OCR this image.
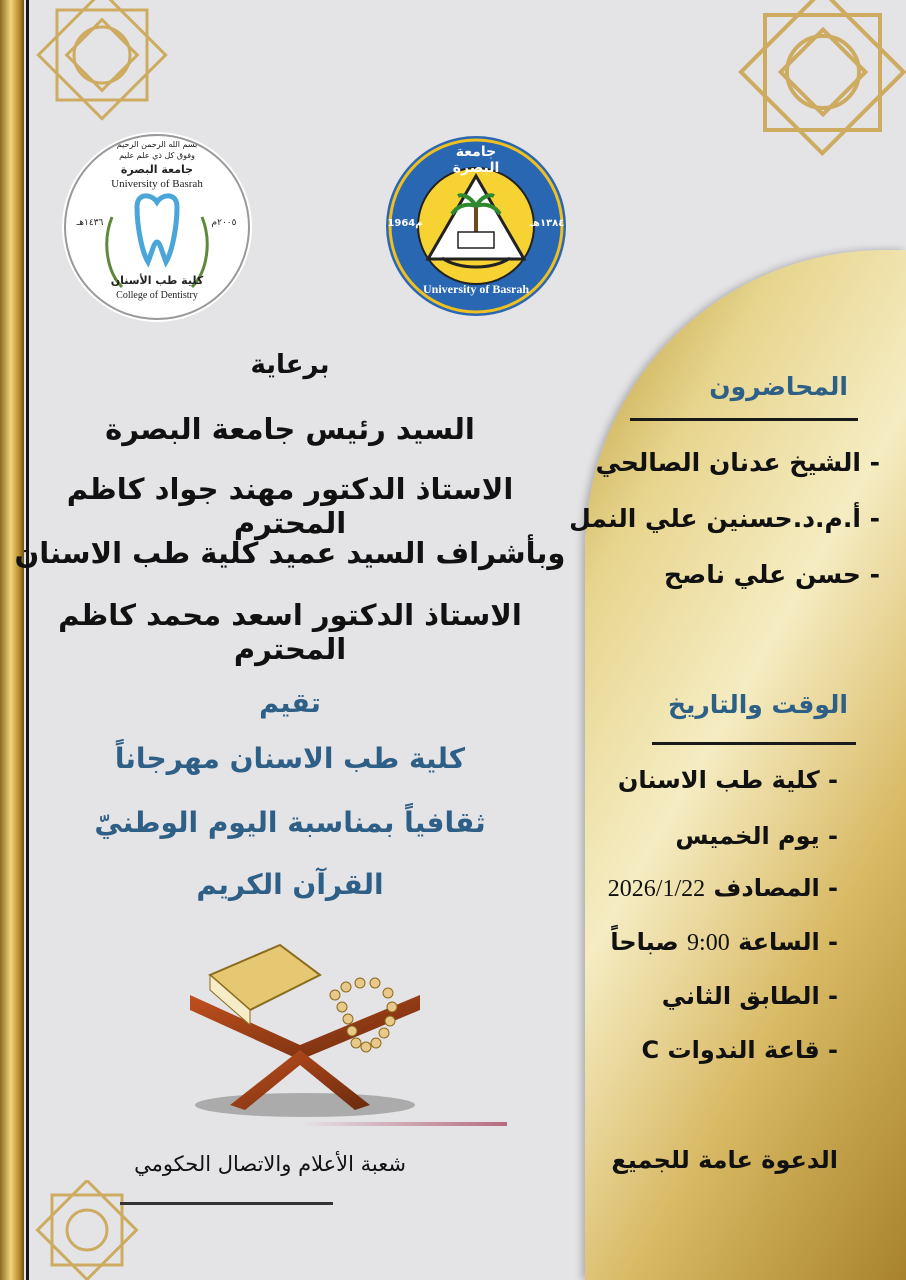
بسم الله الرحمن الرحيم
وفوق كل ذي علم عليم
جامعة البصرة
University of Basrah
١٤٣٦هـ	٢٠٠٥م
كلية طب الأسنان
College of Dentistry
جامعة البصرة
University of Basrah
1964م	١٣٨٤هـ
برعاية
السيد رئيس جامعة البصرة
الاستاذ الدكتور مهند جواد كاظم المحترم
وبأشراف السيد عميد كلية طب الاسنان
الاستاذ الدكتور اسعد محمد كاظم المحترم
تقيم
كلية طب الاسنان مهرجاناً
ثقافياً بمناسبة اليوم الوطنيّ
القرآن الكريم
شعبة الأعلام والاتصال الحكومي
المحاضرون
- الشيخ عدنان الصالحي
- أ.م.د.حسنين علي النمل
- حسن علي ناصح
الوقت والتاريخ
- كلية طب الاسنان
- يوم الخميس
- المصادف 2026/1/22
- الساعة 9:00 صباحاً
- الطابق الثاني
- قاعة الندوات C
الدعوة عامة للجميع
